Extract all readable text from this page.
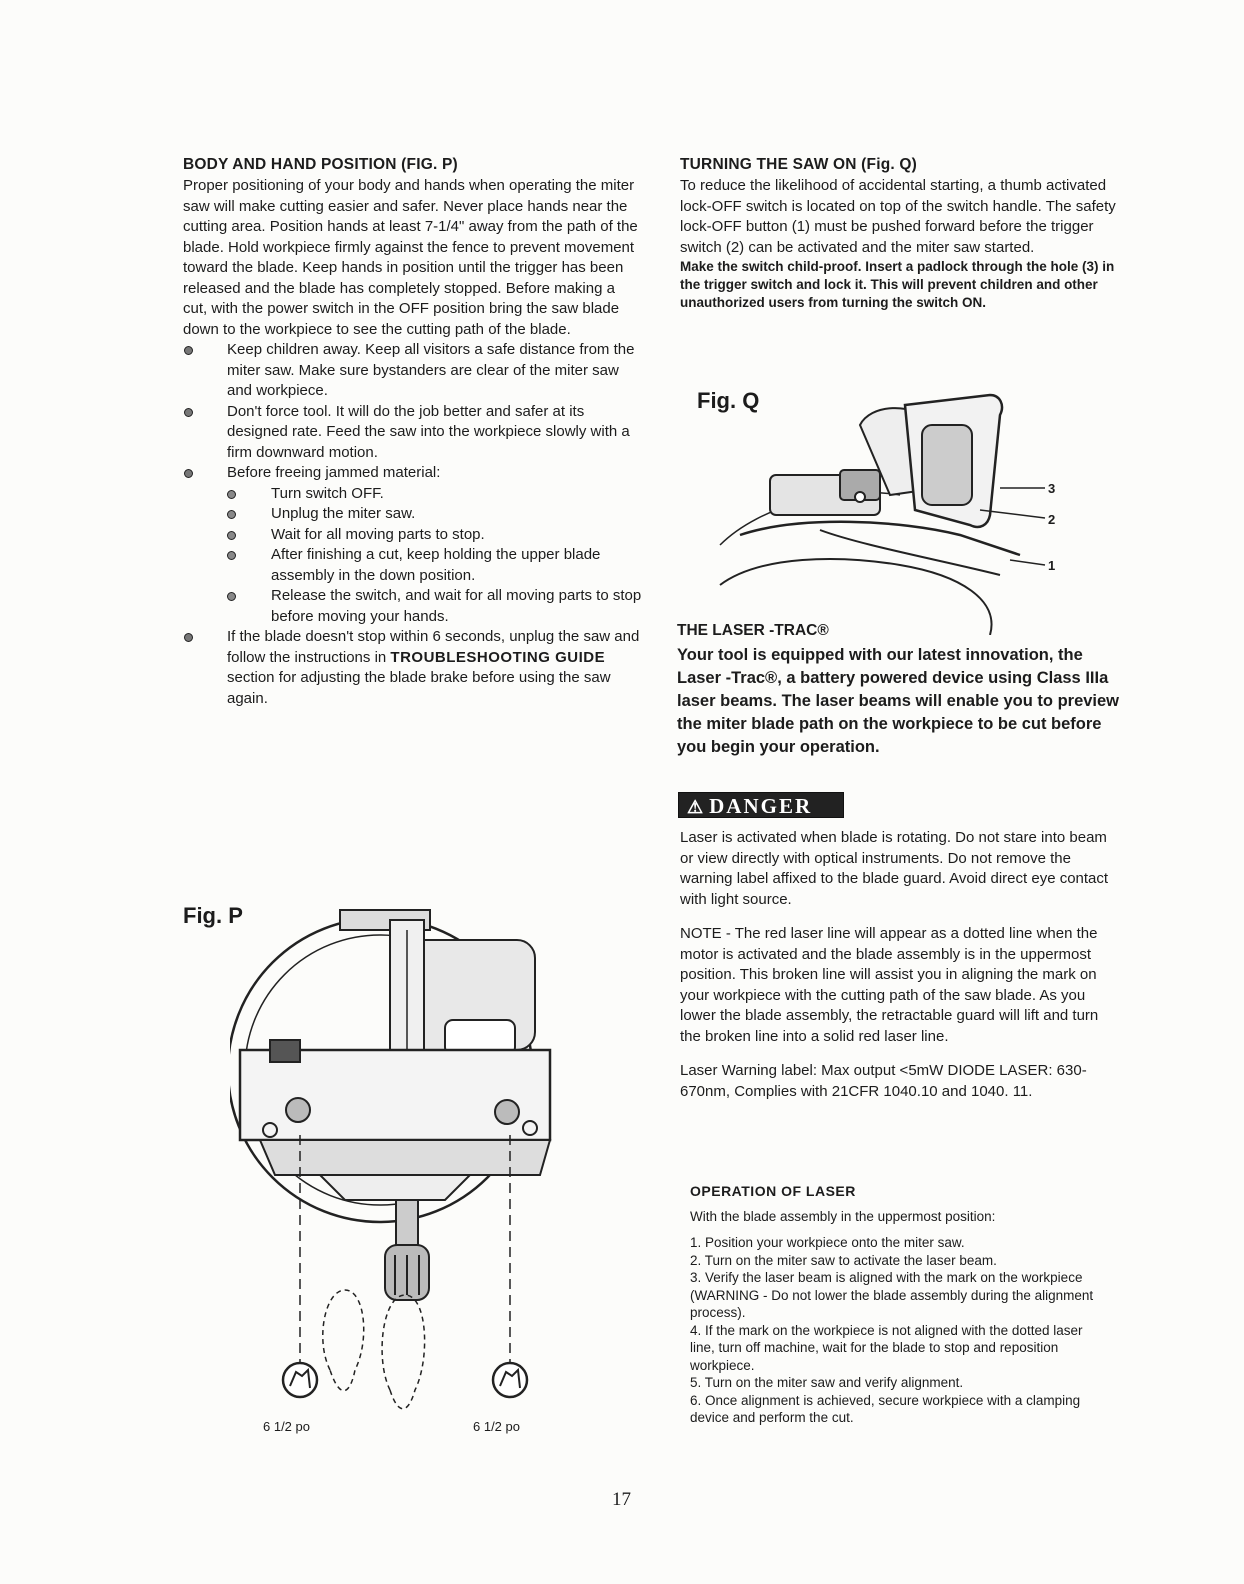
BODY AND HAND POSITION (FIG. P)

Proper positioning of your body and hands when operating the miter saw will make cutting easier and safer. Never place hands near the cutting area. Position hands at least 7-1/4" away from the path of the blade. Hold workpiece firmly against the fence to prevent movement toward the blade. Keep hands in position until the trigger has been released and the blade has completely stopped. Before making a cut, with the power switch in the OFF position bring the saw blade down to the workpiece to see the cutting path of the blade.

Keep children away. Keep all visitors a safe distance from the miter saw. Make sure bystanders are clear of the miter saw and workpiece.
Don't force tool. It will do the job better and safer at its designed rate. Feed the saw into the workpiece slowly with a firm downward motion.
Before freeing jammed material:
Turn switch OFF.
Unplug the miter saw.
Wait for all moving parts to stop.
After finishing a cut, keep holding the upper blade assembly in the down position.
Release the switch, and wait for all moving parts to stop before moving your hands.
If the blade doesn't stop within 6 seconds, unplug the saw and follow the instructions in TROUBLESHOOTING GUIDE section for adjusting the blade brake before using the saw again.
Fig. P
6 1/2 po	6 1/2 po

TURNING THE SAW ON (Fig. Q)

To reduce the likelihood of accidental starting, a thumb activated lock-OFF switch is located on top of the switch handle. The safety lock-OFF button (1) must be pushed forward before the trigger switch (2) can be activated and the miter saw started.

Make the switch child-proof. Insert a padlock through the hole (3) in the trigger switch and lock it. This will prevent children and other unauthorized users from turning the switch ON.

Fig. Q
3
2
1

THE LASER -TRAC®

Your tool is equipped with our latest innovation, the Laser -Trac®, a battery powered device using Class IIIa laser beams. The laser beams will enable you to preview the miter blade path on the workpiece to be cut before you begin your operation.

⚠ DANGER

Laser is activated when blade is rotating. Do not stare into beam or view directly with optical instruments. Do not remove the warning label affixed to the blade guard. Avoid direct eye contact with light source.

NOTE - The red laser line will appear as a dotted line when the motor is activated and the blade assembly is in the uppermost position. This broken line will assist you in aligning the mark on your workpiece with the cutting path of the saw blade. As you lower the blade assembly, the retractable guard will lift and turn the broken line into a solid red laser line.

Laser Warning label: Max output <5mW DIODE LASER: 630-670nm, Complies with 21CFR 1040.10 and 1040. 11.

OPERATION OF LASER

With the blade assembly in the uppermost position:

1. Position your workpiece onto the miter saw.
2. Turn on the miter saw to activate the laser beam.
3. Verify the laser beam is aligned with the mark on the workpiece (WARNING - Do not lower the blade assembly during the alignment process).
4. If the mark on the workpiece is not aligned with the dotted laser line, turn off machine, wait for the blade to stop and reposition workpiece.
5. Turn on the miter saw and verify alignment.
6. Once alignment is achieved, secure workpiece with a clamping device and perform the cut.
17
